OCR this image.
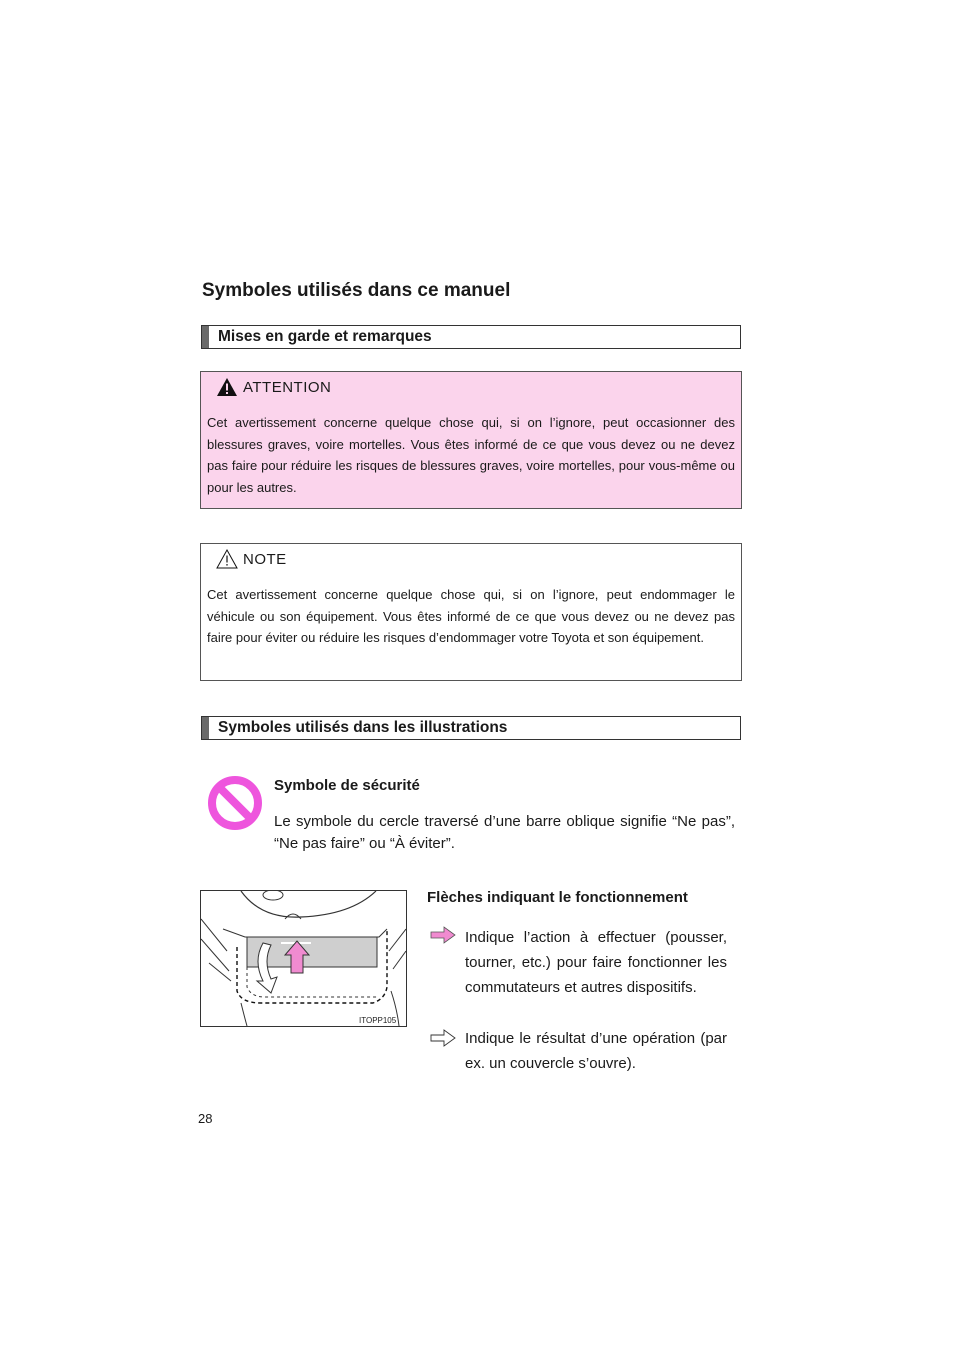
Symboles utilisés dans ce manuel
Mises en garde et remarques
ATTENTION
Cet avertissement concerne quelque chose qui, si on l’ignore, peut occasionner des blessures graves, voire mortelles. Vous êtes informé de ce que vous devez ou ne devez pas faire pour réduire les risques de blessures graves, voire mortelles, pour vous-même ou pour les autres.
NOTE
Cet avertissement concerne quelque chose qui, si on l’ignore, peut endommager le véhicule ou son équipement. Vous êtes informé de ce que vous devez ou ne devez pas faire pour éviter ou réduire les risques d’endommager votre Toyota et son équipement.
Symboles utilisés dans les illustrations
Symbole de sécurité
Le symbole du cercle traversé d’une barre oblique signifie “Ne pas”, “Ne pas faire” ou “À éviter”.
ITOPP105
Flèches indiquant le fonctionnement
Indique l’action à effectuer (pousser, tourner, etc.) pour faire fonctionner les commutateurs et autres dispositifs.
Indique le résultat d’une opération (par ex. un couvercle s’ouvre).
28
